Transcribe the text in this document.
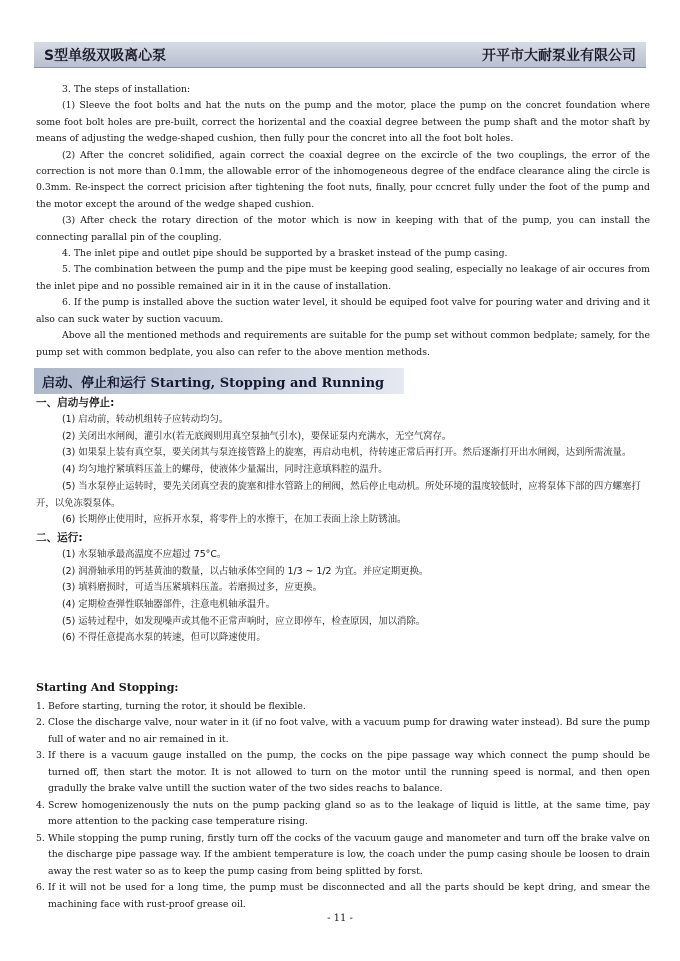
S型单级双吸离心泵	开平市大耐泵业有限公司

3. The steps of installation:

(1) Sleeve the foot bolts and hat the nuts on the pump and the motor, place the pump on the concret foundation where some foot bolt holes are pre-built, correct the horizental and the coaxial degree between the pump shaft and the motor shaft by means of adjusting the wedge-shaped cushion, then fully pour the concret into all the foot bolt holes.

(2) After the concret solidified, again correct the coaxial degree on the excircle of the two couplings, the error of the correction is not more than 0.1mm, the allowable error of the inhomogeneous degree of the endface clearance aling the circle is 0.3mm. Re-inspect the correct pricision after tightening the foot nuts, finally, pour ccncret fully under the foot of the pump and the motor except the around of the wedge shaped cushion.

(3) After check the rotary direction of the motor which is now in keeping with that of the pump, you can install the connecting parallal pin of the coupling.

4. The inlet pipe and outlet pipe should be supported by a brasket instead of the pump casing.

5. The combination between the pump and the pipe must be keeping good sealing, especially no leakage of air occures from the inlet pipe and no possible remained air in it in the cause of installation.

6. If the pump is installed above the suction water level, it should be equiped foot valve for pouring water and driving and it also can suck water by suction vacuum.

Above all the mentioned methods and requirements are suitable for the pump set without common bedplate; samely, for the pump set with common bedplate, you also can refer to the above mention methods.

启动、停止和运行 Starting, Stopping and Running

一、启动与停止:

(1) 启动前，转动机组转子应转动均匀。

(2) 关闭出水闸阀，灌引水(若无底阀则用真空泵抽气引水)，要保证泵内充满水，无空气窝存。

(3) 如果泵上装有真空泵，要关闭其与泵连接管路上的旋塞，再启动电机，待转速正常后再打开。然后逐渐打开出水闸阀，达到所需流量。

(4) 均匀地拧紧填料压盖上的螺母，使液体少量漏出，同时注意填料腔的温升。

(5) 当水泵停止运转时，要先关闭真空表的旋塞和排水管路上的闸阀，然后停止电动机。所处环境的温度较低时，应将泵体下部的四方螺塞打开，以免冻裂泵体。

(6) 长期停止使用时，应拆开水泵，将零件上的水擦干，在加工表面上涂上防锈油。

二、运行:

(1) 水泵轴承最高温度不应超过 75°C。

(2) 润滑轴承用的钙基黄油的数量，以占轴承体空间的 1/3 ~ 1/2 为宜。并应定期更换。

(3) 填料磨损时，可适当压紧填料压盖。若磨损过多，应更换。

(4) 定期检查弹性联轴器部件，注意电机轴承温升。

(5) 运转过程中，如发现噪声或其他不正常声响时，应立即停车，检查原因，加以消除。

(6) 不得任意提高水泵的转速，但可以降速使用。

Starting And Stopping:

1. Before starting, turning the rotor, it should be flexible.
2. Close the discharge valve, nour water in it (if no foot valve, with a vacuum pump for drawing water instead). Bd sure the pump full of water and no air remained in it.
3. If there is a vacuum gauge installed on the pump, the cocks on the pipe passage way which connect the pump should be turned off, then start the motor. It is not allowed to turn on the motor until the running speed is normal, and then open gradully the brake valve untill the suction water of the two sides reachs to balance.
4. Screw homogenizenously the nuts on the pump packing gland so as to the leakage of liquid is little, at the same time, pay more attention to the packing case temperature rising.
5. While stopping the pump runing, firstly turn off the cocks of the vacuum gauge and manometer and turn off the brake valve on the discharge pipe passage way. If the ambient temperature is low, the coach under the pump casing shoule be loosen to drain away the rest water so as to keep the pump casing from being splitted by forst.
6. If it will not be used for a long time, the pump must be disconnected and all the parts should be kept dring, and smear the machining face with rust-proof grease oil.
- 11 -
